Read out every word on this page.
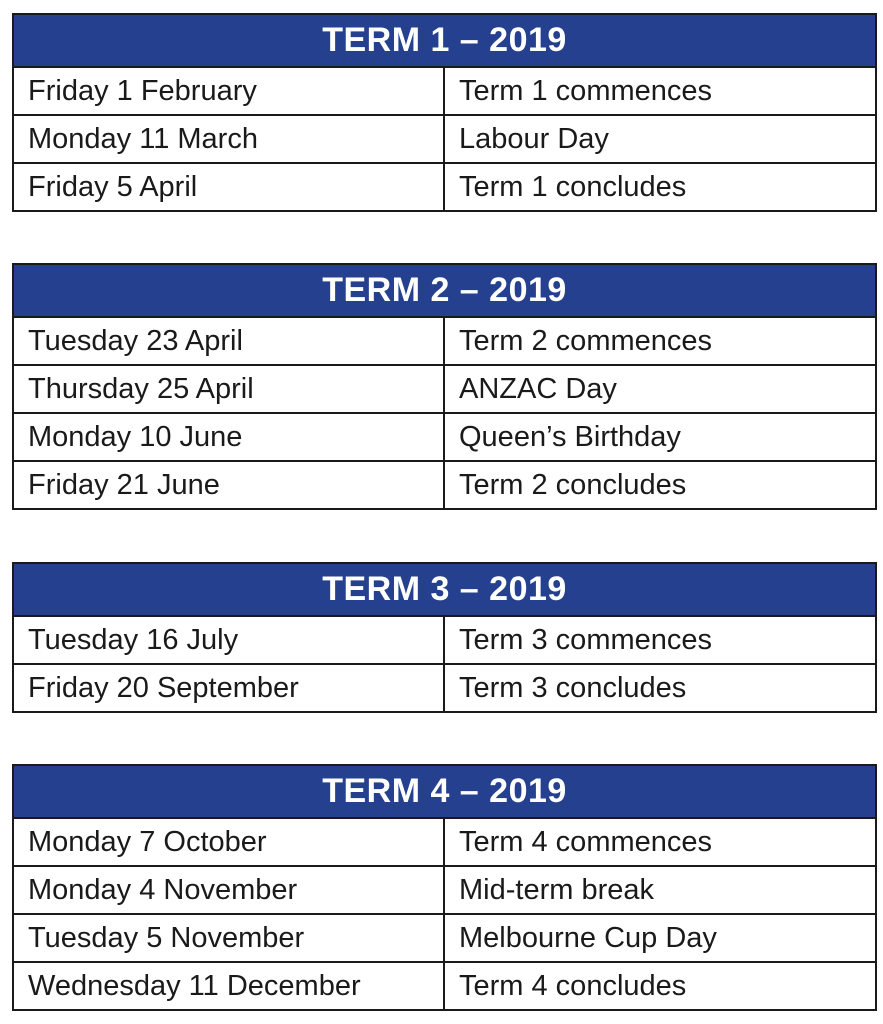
TERM 1 – 2019	
Friday 1 February	Term 1 commences
Monday 11 March	Labour Day
Friday 5 April	Term 1 concludes
TERM 2 – 2019	
Tuesday 23 April	Term 2 commences
Thursday 25 April	ANZAC Day
Monday 10 June	Queen’s Birthday
Friday 21 June	Term 2 concludes
TERM 3 – 2019	
Tuesday 16 July	Term 3 commences
Friday 20 September	Term 3 concludes
TERM 4 – 2019	
Monday 7 October	Term 4 commences
Monday 4 November	Mid-term break
Tuesday 5 November	Melbourne Cup Day
Wednesday 11 December	Term 4 concludes
